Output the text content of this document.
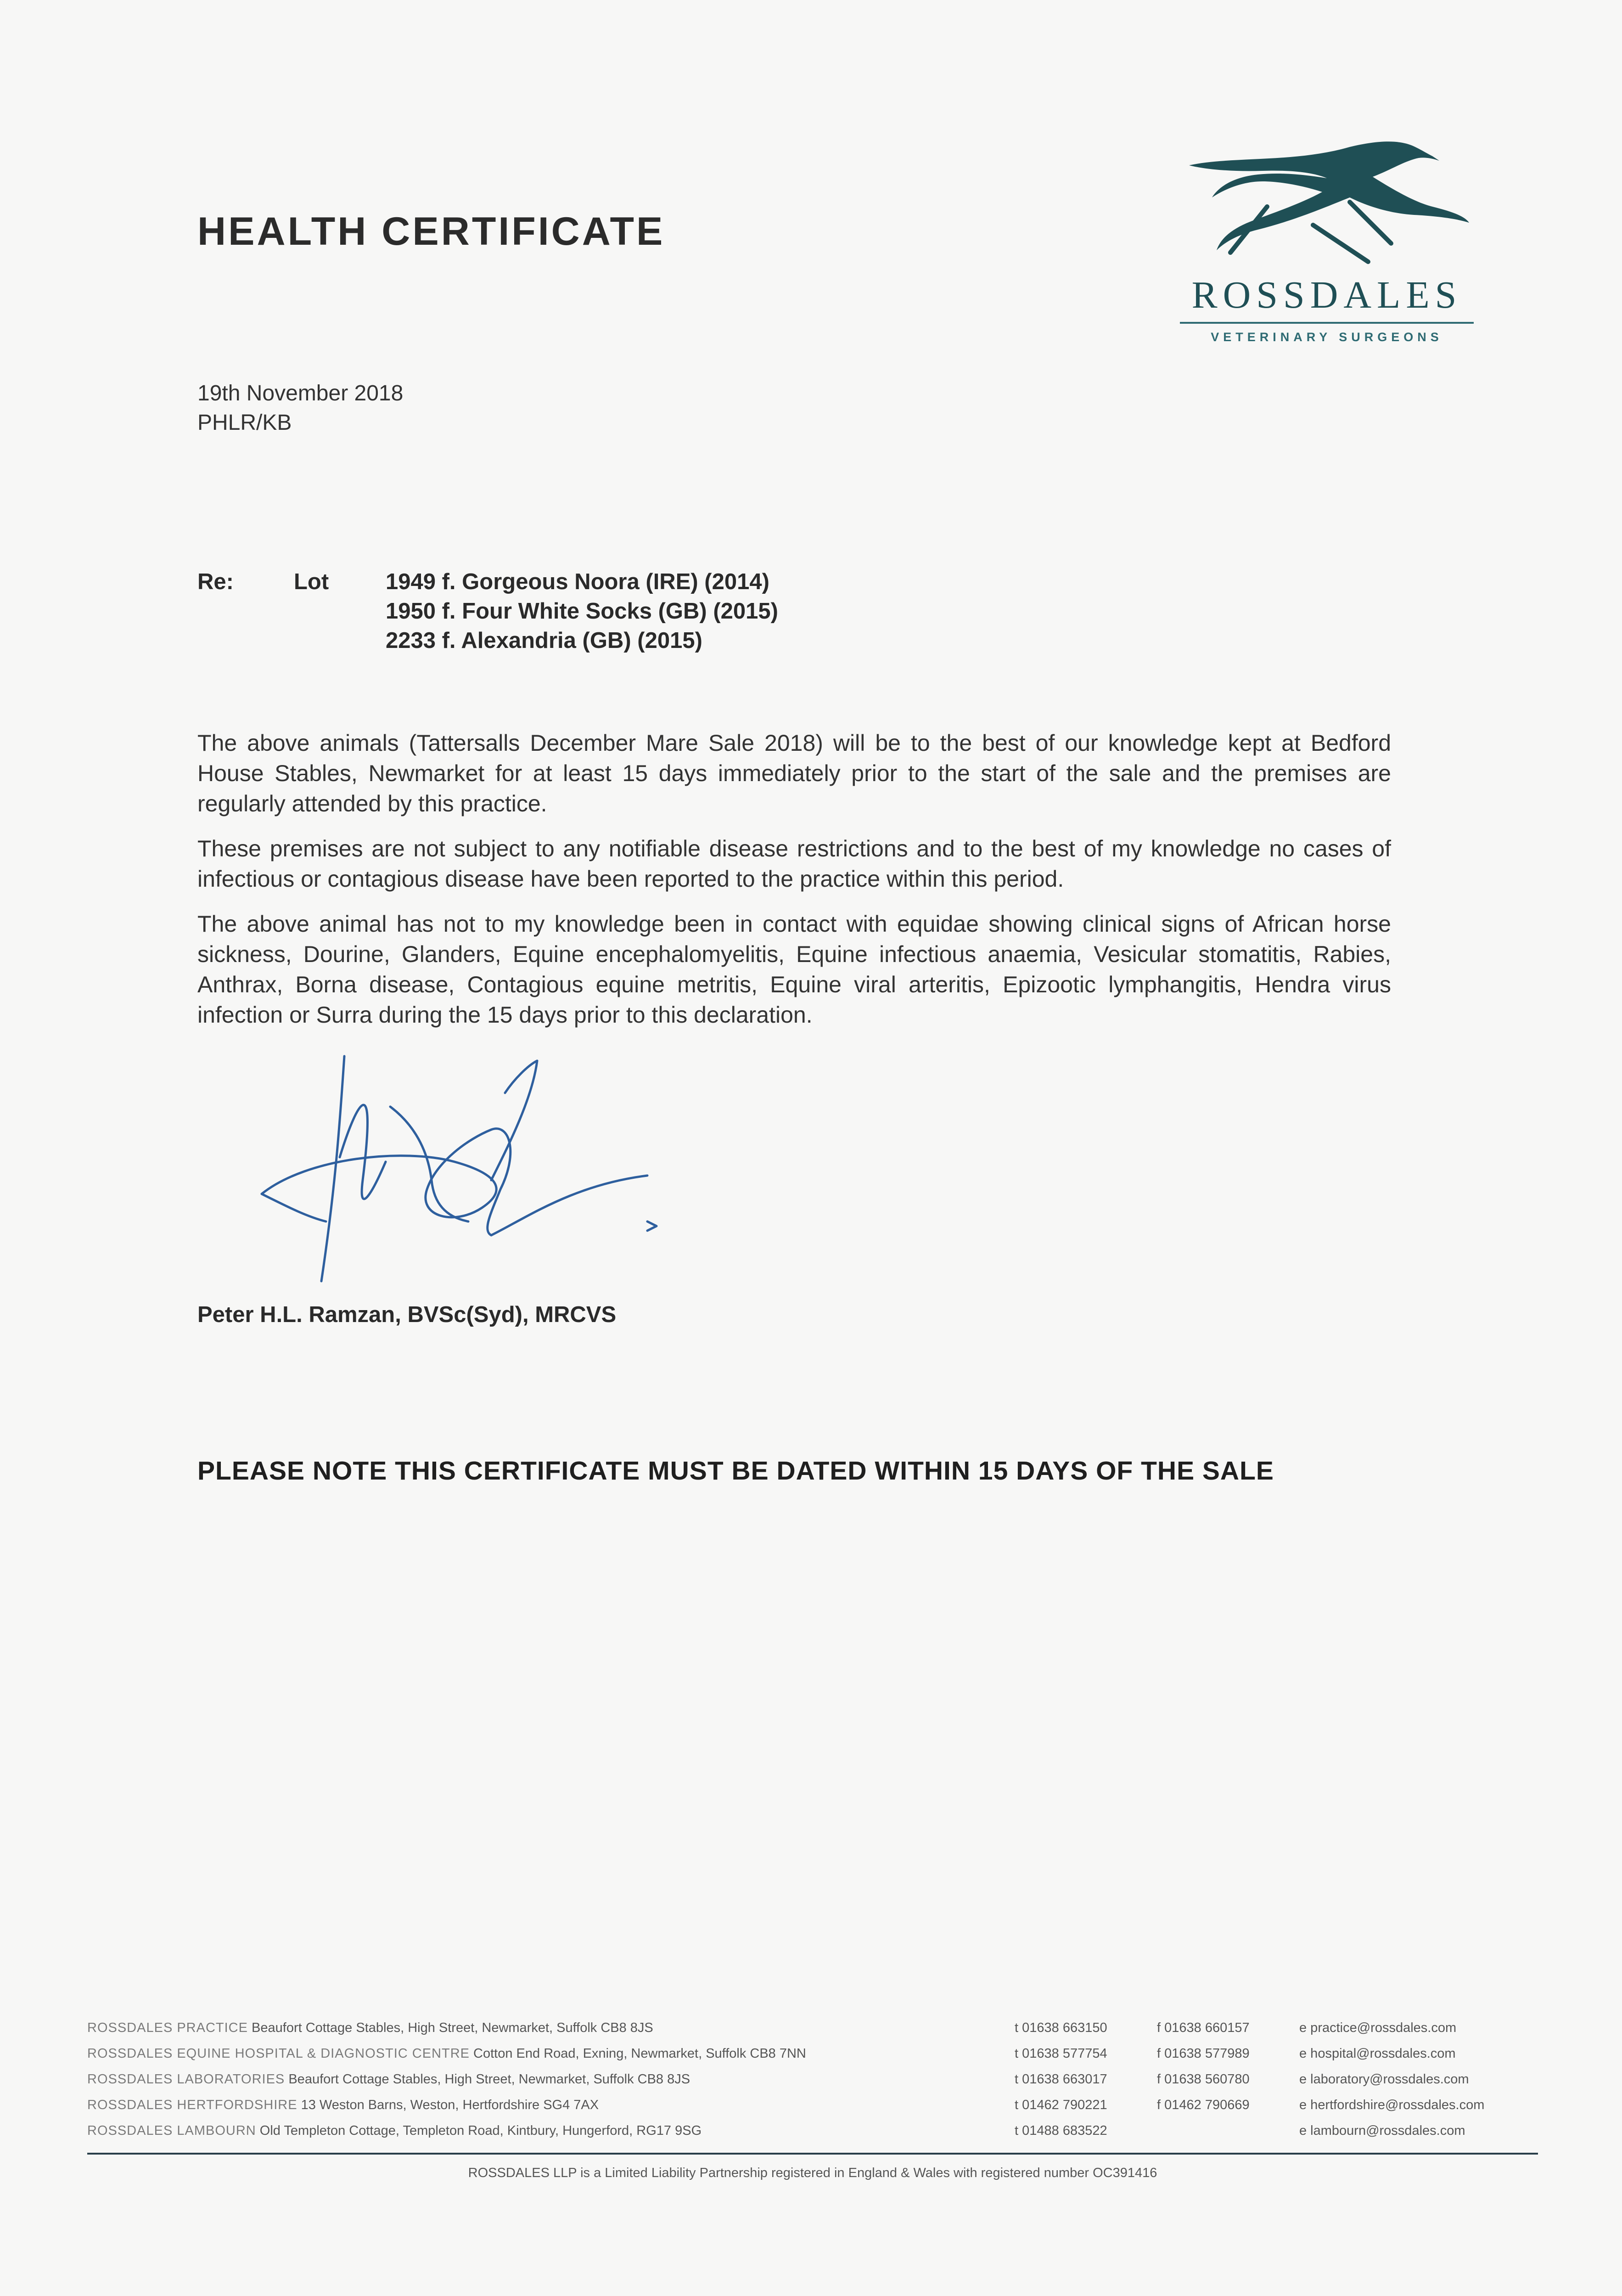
HEALTH CERTIFICATE
ROSSDALES
VETERINARY SURGEONS
19th November 2018
PHLR/KB
Re:	Lot	1949 f. Gorgeous Noora (IRE) (2014)
1950 f. Four White Socks (GB) (2015)
2233 f. Alexandria (GB) (2015)

The above animals (Tattersalls December Mare Sale 2018) will be to the best of our knowledge kept at Bedford House Stables, Newmarket for at least 15 days immediately prior to the start of the sale and the premises are regularly attended by this practice.

These premises are not subject to any notifiable disease restrictions and to the best of my knowledge no cases of infectious or contagious disease have been reported to the practice within this period.

The above animal has not to my knowledge been in contact with equidae showing clinical signs of African horse sickness, Dourine, Glanders, Equine encephalomyelitis, Equine infectious anaemia, Vesicular stomatitis, Rabies, Anthrax, Borna disease, Contagious equine metritis, Equine viral arteritis, Epizootic lymphangitis, Hendra virus infection or Surra during the 15 days prior to this declaration.

Peter H.L. Ramzan, BVSc(Syd), MRCVS
PLEASE NOTE THIS CERTIFICATE MUST BE DATED WITHIN 15 DAYS OF THE SALE
ROSSDALES PRACTICE Beaufort Cottage Stables, High Street, Newmarket, Suffolk CB8 8JS	t 01638 663150	f 01638 660157	e practice@rossdales.com
ROSSDALES EQUINE HOSPITAL & DIAGNOSTIC CENTRE Cotton End Road, Exning, Newmarket, Suffolk CB8 7NN	t 01638 577754	f 01638 577989	e hospital@rossdales.com
ROSSDALES LABORATORIES Beaufort Cottage Stables, High Street, Newmarket, Suffolk CB8 8JS	t 01638 663017	f 01638 560780	e laboratory@rossdales.com
ROSSDALES HERTFORDSHIRE 13 Weston Barns, Weston, Hertfordshire SG4 7AX	t 01462 790221	f 01462 790669	e hertfordshire@rossdales.com
ROSSDALES LAMBOURN Old Templeton Cottage, Templeton Road, Kintbury, Hungerford, RG17 9SG	t 01488 683522	e lambourn@rossdales.com
ROSSDALES LLP is a Limited Liability Partnership registered in England & Wales with registered number OC391416
